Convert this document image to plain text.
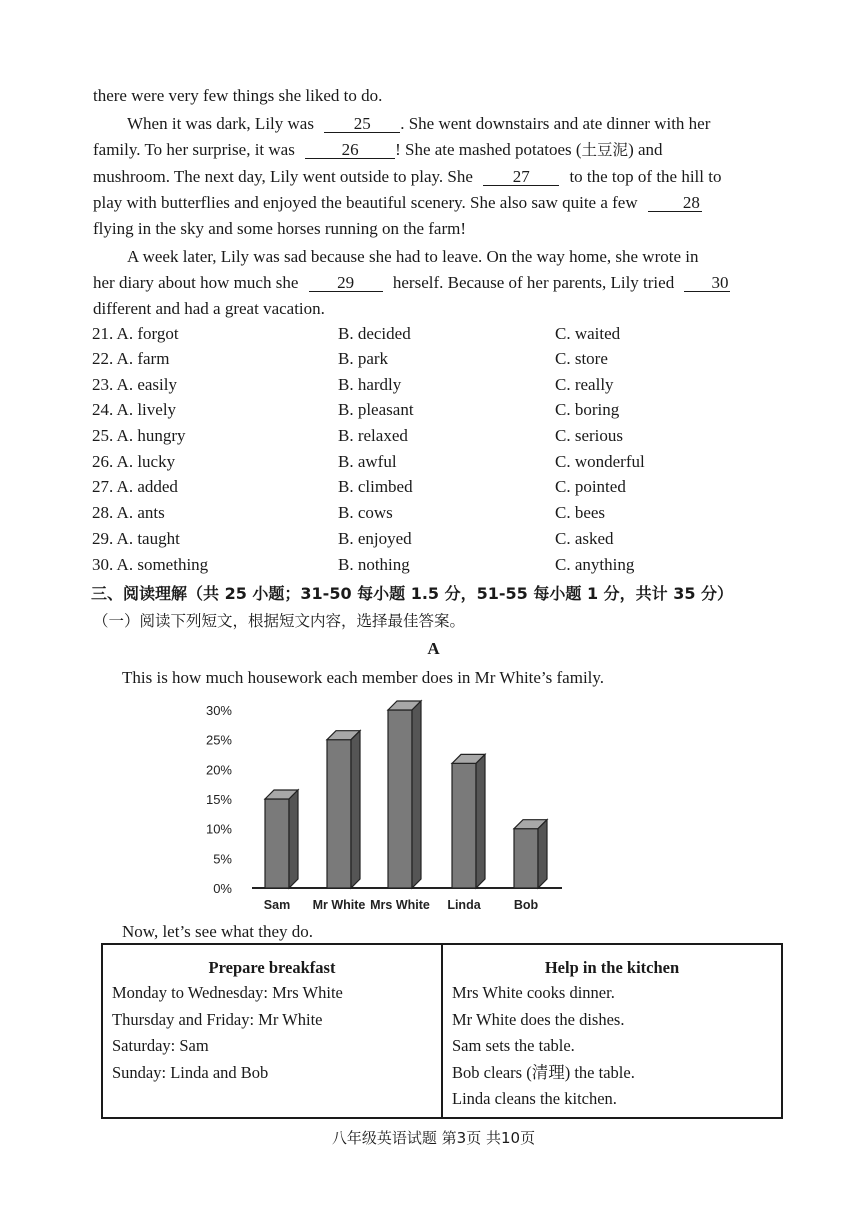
there were very few things she liked to do.
When it was dark, Lily was 25 . She went downstairs and ate dinner with her
family. To her surprise, it was	26 ! She ate mashed potatoes (土豆泥) and
mushroom. The next day, Lily went outside to play. She 27 to the top of the hill to
play with butterflies and enjoyed the beautiful scenery. She also saw quite a few	28
flying in the sky and some horses running on the farm!
A week later, Lily was sad because she had to leave. On the way home, she wrote in
her diary about how much she 29 herself. Because of her parents, Lily tried 30
different and had a great vacation.
21. A. forgot	B. decided	C. waited
22. A. farm	B. park	C. store
23. A. easily	B. hardly	C. really
24. A. lively	B. pleasant	C. boring
25. A. hungry	B. relaxed	C. serious
26. A. lucky	B. awful	C. wonderful
27. A. added	B. climbed	C. pointed
28. A. ants	B. cows	C. bees
29. A. taught	B. enjoyed	C. asked
30. A. something	B. nothing	C. anything
三、阅读理解（共 25 小题；31-50 每小题 1.5 分，51-55 每小题 1 分，共计 35 分）
（一）阅读下列短文，根据短文内容，选择最佳答案。
A
This is how much housework each member does in Mr White’s family.
0%
5%
10%
15%
20%
25%
30%
Sam Mr White Mrs White Linda	Bob
Now, let’s see what they do.
Prepare breakfast
Monday to Wednesday: Mrs White
Thursday and Friday: Mr White
Saturday: Sam
Sunday: Linda and Bob

Help in the kitchen
Mrs White cooks dinner.
Mr White does the dishes.
Sam sets the table.
Bob clears (清理) the table.
Linda cleans the kitchen.
八年级英语试题 第3页 共10页
